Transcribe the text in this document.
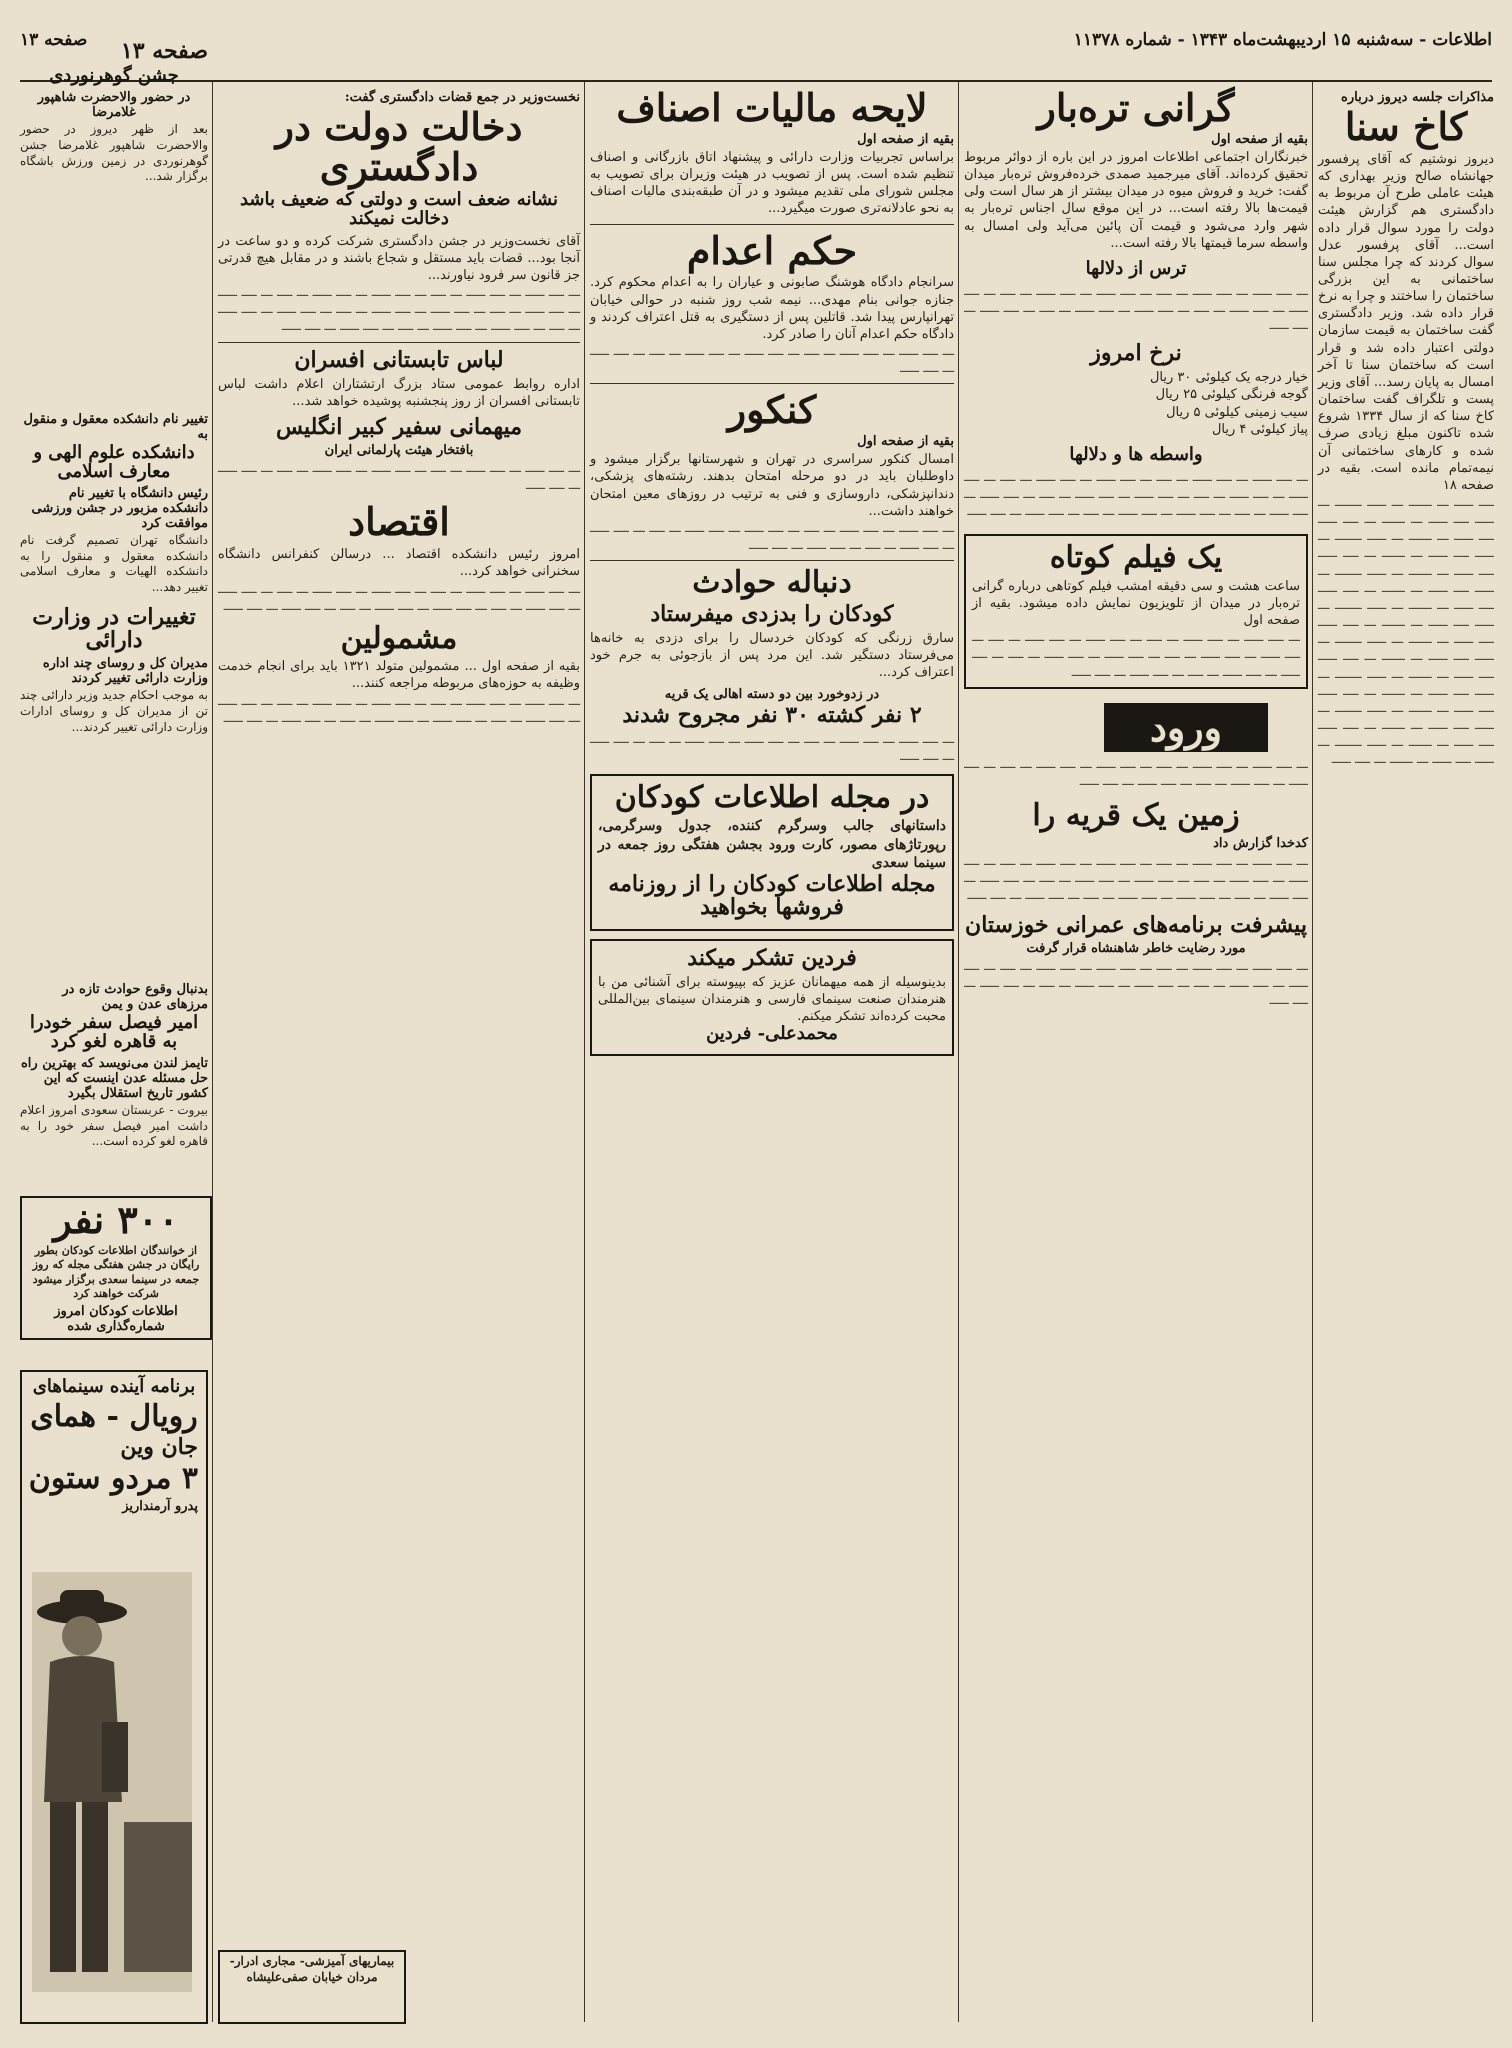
اطلاعات - سه‌شنبه ۱۵ اردیبهشت‌ماه ۱۳۴۳ - شماره ۱۱۳۷۸
صفحه ۱۳
مذاکرات جلسه دیروز درباره
کاخ سنا
دیروز نوشتیم که آقای پرفسور جهانشاه صالح وزیر بهداری که هیئت عاملی طرح آن مربوط به دادگستری هم گزارش هیئت دولت را مورد سوال قرار داده است... آقای پرفسور عدل سوال کردند که چرا مجلس سنا ساختمانی به این بزرگی ساختمان را ساختند و چرا به نرخ قرار داده شد. وزیر دادگستری گفت ساختمان به قیمت سازمان دولتی اعتبار داده شد و قرار است که ساختمان سنا تا آخر امسال به پایان رسد... آقای وزیر پست و تلگراف گفت ساختمان کاخ سنا که از سال ۱۳۳۴ شروع شده تاکنون مبلغ زیادی صرف شده و کارهای ساختمانی آن نیمه‌تمام مانده است. بقیه در صفحه ۱۸
ــــ ـــــ ـــ ــــــ ـــ ـــــ ـــــــ ـــ ـــــ ــــ ـــــ ـــ ــــــ ـــ ــــ ـــــ ــــ ـــــ ـــ ــــــ ـــ ـــــ ـــــــ ـــ ـــــ ــــ ـــــ ـــ ــــــ ـــ ــــ ـــــ ــــ ـــــ ـــ ــــــ ـــ ـــــ ـــــــ ـــ ـــــ ــــ ـــــ ـــ ــــــ ـــ ــــ ـــــ ــــ ـــــ ـــ ــــــ ـــ ـــــ ـــــــ ـــ ـــــ ــــ ـــــ ـــ ــــــ ـــ ــــ ـــــ ــــ ـــــ ـــ ــــــ ـــ ـــــ ـــــــ ـــ ـــــ ــــ ـــــ ـــ ــــــ ـــ ــــ ـــــ ــــ ـــــ ـــ ــــــ ـــ ـــــ ـــــــ ـــ ـــــ ــــ ـــــ ـــ ــــــ ـــ ــــ ـــــ ــــ ـــــ ـــ ــــــ ـــ ـــــ ـــــــ ـــ ـــــ ــــ ـــــ ـــ ــــــ ـــ ــــ ـــــ ــــ ـــــ ـــ ــــــ ـــ ـــــ ـــــــ ـــ ـــــ ــــ ـــــ ـــ ــــــ ـــ ــــ ـــــ
گرانی تره‌بار
بقیه از صفحه اول
خبرنگاران اجتماعی اطلاعات امروز در این باره از دوائر مربوط تحقیق کرده‌اند. آقای میرجمید صمدی خرده‌فروش تره‌بار میدان گفت: خرید و فروش میوه در میدان بیشتر از هر سال است ولی قیمت‌ها بالا رفته است... در این موقع سال اجناس تره‌بار به شهر وارد می‌شود و قیمت آن پائین می‌آید ولی امسال به واسطه سرما قیمتها بالا رفته است...
ترس از دلالها
ـــ ــــ ـــــ ـــ ــــ ـــــ ـــ ــــ ـــ ــــ ـــــ ـــ ــــ ـــــ ـــ ــــ ـــ ــــ ـــــ ـــ ــــ ـــــ ـــ ــــ ـــ ــــ ـــــ ـــ ــــ ـــــ ـــ ــــ ـــ ــــ ـــــ ـــ ــــ ـــــ
نرخ امروز
خیار درجه یک کیلوئی ۳۰ ریال
گوجه فرنگی کیلوئی ۲۵ ریال
سیب زمینی کیلوئی ۵ ریال
پیاز کیلوئی ۴ ریال
واسطه ها و دلالها
ـــ ــــ ـــــ ـــ ــــ ـــــ ـــ ــــ ـــ ــــ ـــــ ـــ ــــ ـــــ ـــ ــــ ـــ ــــ ـــــ ـــ ــــ ـــــ ـــ ــــ ـــ ــــ ـــــ ـــ ــــ ـــــ ـــ ــــ ـــ ــــ ـــــ ـــ ــــ ـــــ ـــ ــــ ـــ ــــ ـــــ ـــ ــــ ـــــ ـــ ــــ ـــ ــــ ـــــ ـــ ــــ ـــــ
یک فیلم کوتاه
ساعت هشت و سی دقیقه امشب فیلم کوتاهی درباره گرانی تره‌بار در میدان از تلویزیون نمایش داده میشود. بقیه از صفحه اول
ـــ ــــ ـــــ ـــ ــــ ـــــ ـــ ــــ ـــ ــــ ـــــ ـــ ــــ ـــــ ـــ ــــ ـــ ــــ ـــــ ـــ ــــ ـــــ ـــ ــــ ـــ ــــ ـــــ ـــ ــــ ـــــ ـــ ــــ ـــ ــــ ـــــ ـــ ــــ ـــــ ـــ ــــ ـــ ــــ ـــــ ـــ ــــ ـــــ
ورود
ـــ ــــ ـــــ ـــ ــــ ـــــ ـــ ــــ ـــ ــــ ـــــ ـــ ــــ ـــــ ـــ ــــ ـــ ــــ ـــــ ـــ ــــ ـــــ ـــ ــــ ـــ ــــ ـــــ ـــ ــــ ـــــ
زمین یک قریه را
کدخدا گزارش داد
ـــ ــــ ـــــ ـــ ــــ ـــــ ـــ ــــ ـــ ــــ ـــــ ـــ ــــ ـــــ ـــ ــــ ـــ ــــ ـــــ ـــ ــــ ـــــ ـــ ــــ ـــ ــــ ـــــ ـــ ــــ ـــــ ـــ ــــ ـــ ــــ ـــــ ـــ ــــ ـــــ ـــ ــــ ـــ ــــ ـــــ ـــ ــــ ـــــ ـــ ــــ ـــ ــــ ـــــ ـــ ــــ ـــــ
پیشرفت برنامه‌های عمرانی خوزستان
مورد رضایت خاطر شاهنشاه قرار گرفت
ـــ ــــ ـــــ ـــ ــــ ـــــ ـــ ــــ ـــ ــــ ـــــ ـــ ــــ ـــــ ـــ ــــ ـــ ــــ ـــــ ـــ ــــ ـــــ ـــ ــــ ـــ ــــ ـــــ ـــ ــــ ـــــ ـــ ــــ ـــ ــــ ـــــ ـــ ــــ ـــــ
لایحه مالیات اصناف
بقیه از صفحه اول
براساس تجربیات وزارت دارائی و پیشنهاد اتاق بازرگانی و اصناف تنظیم شده است. پس از تصویب در هیئت وزیران برای تصویب به مجلس شورای ملی تقدیم میشود و در آن طبقه‌بندی مالیات اصناف به نحو عادلانه‌تری صورت میگیرد...
حکم اعدام
سرانجام دادگاه هوشنگ صابونی و عیاران را به اعدام محکوم کرد. جنازه جوانی بنام مهدی... نیمه شب روز شنبه در حوالی خیابان تهرانپارس پیدا شد. قاتلین پس از دستگیری به قتل اعتراف کردند و دادگاه حکم اعدام آنان را صادر کرد.
ـــ ــــ ـــــ ـــ ــــ ـــــ ـــ ــــ ـــ ــــ ـــــ ـــ ــــ ـــــ ـــ ــــ ـــ ــــ ـــــ ـــ ــــ ـــــ
کنکور
بقیه از صفحه اول
امسال کنکور سراسری در تهران و شهرستانها برگزار میشود و داوطلبان باید در دو مرحله امتحان بدهند. رشته‌های پزشکی، دندانپزشکی، داروسازی و فنی به ترتیب در روزهای معین امتحان خواهند داشت...
ـــ ــــ ـــــ ـــ ــــ ـــــ ـــ ــــ ـــ ــــ ـــــ ـــ ــــ ـــــ ـــ ــــ ـــ ــــ ـــــ ـــ ــــ ـــــ ـــ ــــ ـــ ــــ ـــــ ـــ ــــ ـــــ
دنباله حوادث
کودکان را بدزدی میفرستاد
سارق زرنگی که کودکان خردسال را برای دزدی به خانه‌ها می‌فرستاد دستگیر شد. این مرد پس از بازجوئی به جرم خود اعتراف کرد...
در زدوخورد بین دو دسته اهالی یک قریه
۲ نفر کشته ۳۰ نفر مجروح شدند
ـــ ــــ ـــــ ـــ ــــ ـــــ ـــ ــــ ـــ ــــ ـــــ ـــ ــــ ـــــ ـــ ــــ ـــ ــــ ـــــ ـــ ــــ ـــــ
در مجله اطلاعات کودکان
داستانهای جالب وسرگرم کننده، جدول وسرگرمی، رپورتاژهای مصور، کارت ورود بجشن هفتگی روز جمعه در سینما سعدی
مجله اطلاعات کودکان را از روزنامه فروشها بخواهید
فردین تشکر میکند
بدینوسیله از همه میهمانان عزیز که بپیوسته برای آشنائی من با هنرمندان صنعت سینمای فارسی و هنرمندان سینمای بین‌المللی محبت کرده‌اند تشکر میکنم.
محمدعلی- فردین
نخست‌وزیر در جمع قضات دادگستری گفت:
دخالت دولت در دادگستری
نشانه ضعف است و دولتی که ضعیف باشد دخالت نمیکند
آقای نخست‌وزیر در جشن دادگستری شرکت کرده و دو ساعت در آنجا بود... قضات باید مستقل و شجاع باشند و در مقابل هیچ قدرتی جز قانون سر فرود نیاورند...
ـــ ــــ ـــــ ـــ ــــ ـــــ ـــ ــــ ـــ ــــ ـــــ ـــ ــــ ـــــ ـــ ــــ ـــ ــــ ـــــ ـــ ــــ ـــــ ـــ ــــ ـــ ــــ ـــــ ـــ ــــ ـــــ ـــ ــــ ـــ ــــ ـــــ ـــ ــــ ـــــ ـــ ــــ ـــ ــــ ـــــ ـــ ــــ ـــــ ـــ ــــ ـــ ــــ ـــــ ـــ ــــ ـــــ
لباس تابستانی افسران
اداره روابط عمومی ستاد بزرگ ارتشتاران اعلام داشت لباس تابستانی افسران از روز پنجشنبه پوشیده خواهد شد...
میهمانی سفیر کبیر انگلیس
بافتخار هیئت پارلمانی ایران
ـــ ــــ ـــــ ـــ ــــ ـــــ ـــ ــــ ـــ ــــ ـــــ ـــ ــــ ـــــ ـــ ــــ ـــ ــــ ـــــ ـــ ــــ ـــــ
اقتصاد
امروز رئیس دانشکده اقتصاد ... درسالن کنفرانس دانشگاه سخنرانی خواهد کرد...
ـــ ــــ ـــــ ـــ ــــ ـــــ ـــ ــــ ـــ ــــ ـــــ ـــ ــــ ـــــ ـــ ــــ ـــ ــــ ـــــ ـــ ــــ ـــــ ـــ ــــ ـــ ــــ ـــــ ـــ ــــ ـــــ ـــ ــــ ـــ ــــ ـــــ ـــ ــــ ـــــ
مشمولین
بقیه از صفحه اول ... مشمولین متولد ۱۳۲۱ باید برای انجام خدمت وظیفه به حوزه‌های مربوطه مراجعه کنند...
ـــ ــــ ـــــ ـــ ــــ ـــــ ـــ ــــ ـــ ــــ ـــــ ـــ ــــ ـــــ ـــ ــــ ـــ ــــ ـــــ ـــ ــــ ـــــ ـــ ــــ ـــ ــــ ـــــ ـــ ــــ ـــــ ـــ ــــ ـــ ــــ ـــــ ـــ ــــ ـــــ
صفحه ۱۳
جشن گوهرنوردی
در حضور والاحضرت شاهپور غلامرضا
بعد از ظهر دیروز در حضور والاحضرت شاهپور غلامرضا جشن گوهرنوردی در زمین ورزش باشگاه برگزار شد...
تغییر نام دانشکده معقول و منقول به
دانشکده علوم الهی و معارف اسلامی
رئیس دانشگاه با تغییر نام دانشکده مزبور در جشن ورزشی موافقت کرد
دانشگاه تهران تصمیم گرفت نام دانشکده معقول و منقول را به دانشکده الهیات و معارف اسلامی تغییر دهد...
تغییرات در وزارت دارائی
مدیران کل و روسای چند اداره وزارت دارائی تغییر کردند
به موجب احکام جدید وزیر دارائی چند تن از مدیران کل و روسای ادارات وزارت دارائی تغییر کردند...
بدنبال وقوع حوادث تازه در مرزهای عدن و یمن
امیر فیصل سفر خودرا به قاهره لغو کرد
تایمز لندن می‌نویسد که بهترین راه حل مسئله عدن اینست که این کشور تاریخ استقلال بگیرد
بیروت - عربستان سعودی امروز اعلام داشت امیر فیصل سفر خود را به قاهره لغو کرده است...
۳۰۰ نفر
از خوانندگان اطلاعات کودکان بطور رایگان در جشن هفتگی مجله که روز جمعه در سینما سعدی برگزار میشود شرکت خواهند کرد
اطلاعات کودکان امروز شماره‌گذاری شده
برنامه آینده سینماهای
رویال - همای
جان وین
۳ مردو ستون
پدرو آرمنداریز
بیماریهای آمیزشی- مجاری ادرار- مردان خیابان صفی‌علیشاه
